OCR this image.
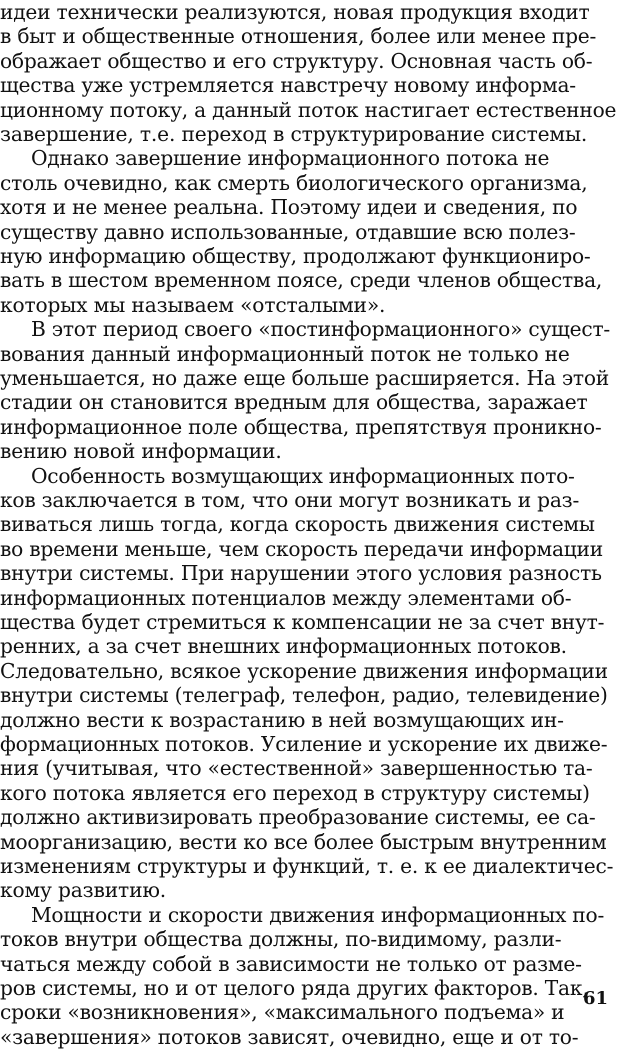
идеи технически реализуются, новая продукция входит
в быт и общественные отношения, более или менее пре-
ображает общество и его структуру. Основная часть об-
щества уже устремляется навстречу новому информа-
ционному потоку, а данный поток настигает естественное
завершение, т.е. переход в структурирование системы.
Однако завершение информационного потока не
столь очевидно, как смерть биологического организма,
хотя и не менее реальна. Поэтому идеи и сведения, по
существу давно использованные, отдавшие всю полез-
ную информацию обществу, продолжают функциониро-
вать в шестом временном поясе, среди членов общества,
которых мы называем «отсталыми».
В этот период своего «постинформационного» сущест-
вования данный информационный поток не только не
уменьшается, но даже еще больше расширяется. На этой
стадии он становится вредным для общества, заражает
информационное поле общества, препятствуя проникно-
вению новой информации.
Особенность возмущающих информационных пото-
ков заключается в том, что они могут возникать и раз-
виваться лишь тогда, когда скорость движения системы
во времени меньше, чем скорость передачи информации
внутри системы. При нарушении этого условия разность
информационных потенциалов между элементами об-
щества будет стремиться к компенсации не за счет внут-
ренних, а за счет внешних информационных потоков.
Следовательно, всякое ускорение движения информации
внутри системы (телеграф, телефон, радио, телевидение)
должно вести к возрастанию в ней возмущающих ин-
формационных потоков. Усиление и ускорение их движе-
ния (учитывая, что «естественной» завершенностью та-
кого потока является его переход в структуру системы)
должно активизировать преобразование системы, ее са-
моорганизацию, вести ко все более быстрым внутренним
изменениям структуры и функций, т. е. к ее диалектичес-
кому развитию.
Мощности и скорости движения информационных по-
токов внутри общества должны, по-видимому, разли-
чаться между собой в зависимости не только от разме-
ров системы, но и от целого ряда других факторов. Так,
сроки «возникновения», «максимального подъема» и
«завершения» потоков зависят, очевидно, еще и от то-
61
